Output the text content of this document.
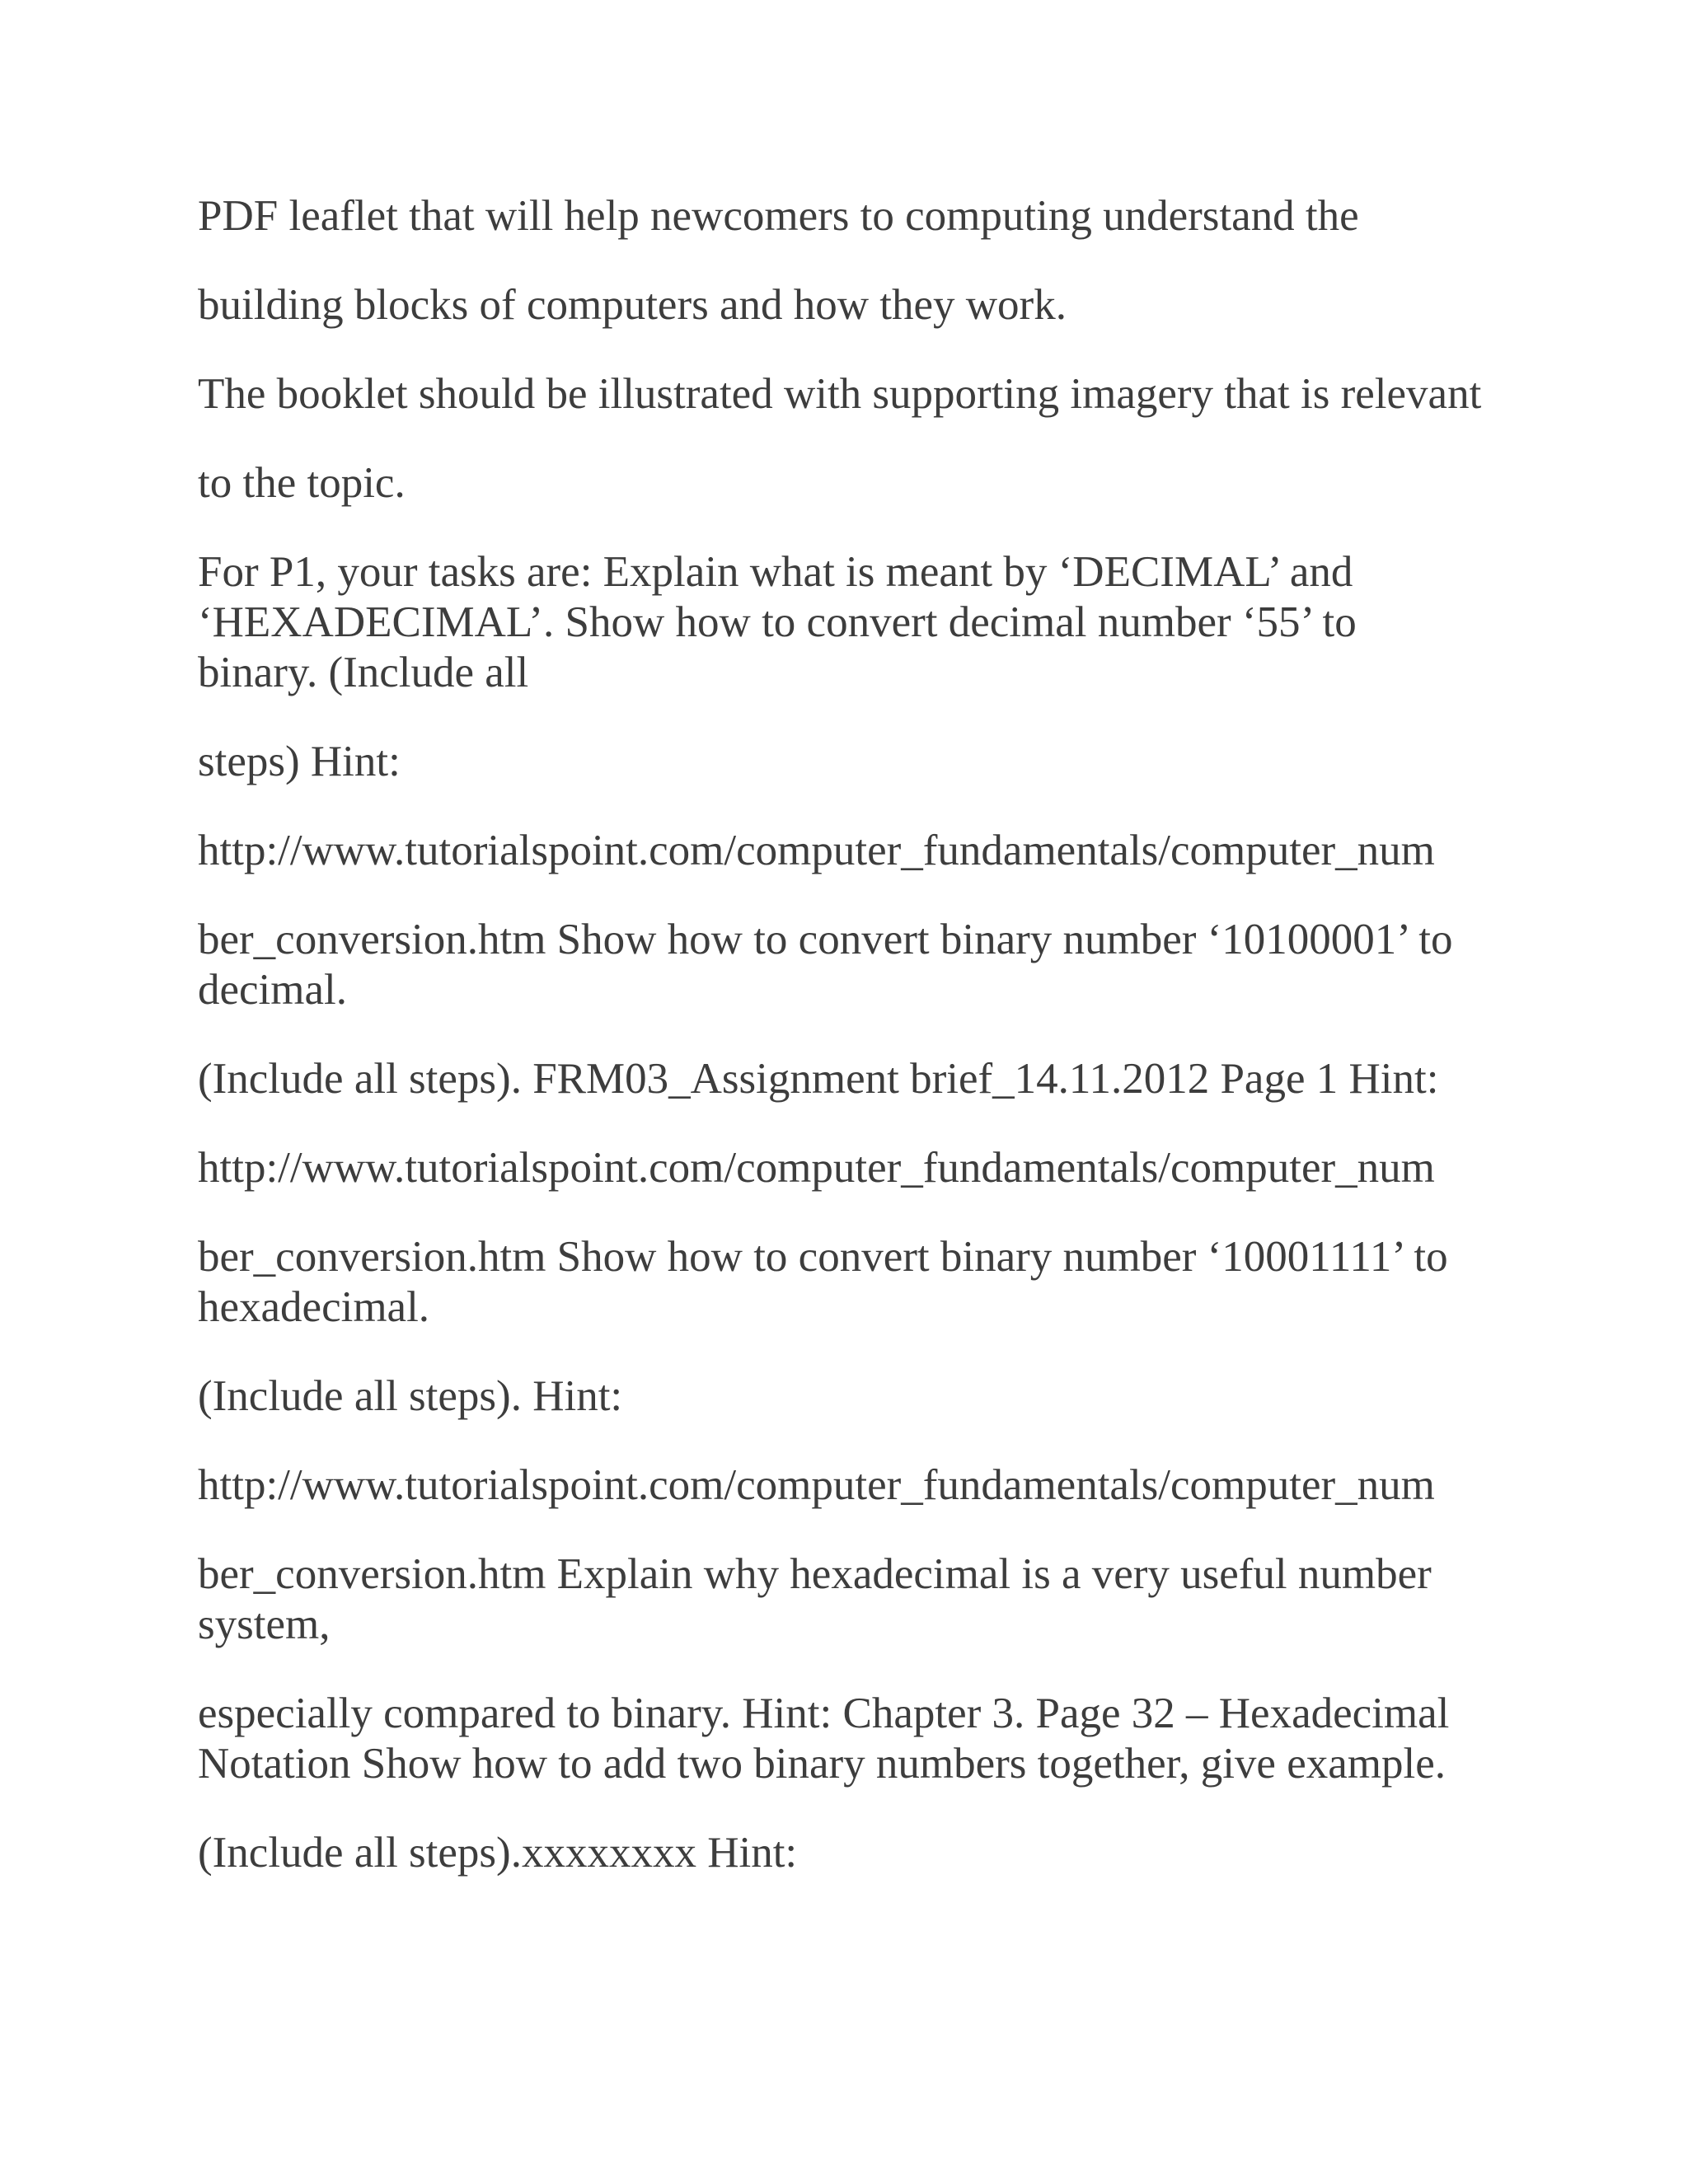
PDF leaflet that will help newcomers to computing understand the

building blocks of computers and how they work.

The booklet should be illustrated with supporting imagery that is relevant

to the topic.

For P1, your tasks are: Explain what is meant by ‘DECIMAL’ and ‘HEXADECIMAL’. Show how to convert decimal number ‘55’ to binary. (Include all

steps) Hint:

http://www.tutorialspoint.com/computer_fundamentals/computer_num

ber_conversion.htm Show how to convert binary number ‘10100001’ to decimal.

(Include all steps). FRM03_Assignment brief_14.11.2012 Page 1 Hint:

http://www.tutorialspoint.com/computer_fundamentals/computer_num

ber_conversion.htm Show how to convert binary number ‘10001111’ to hexadecimal.

(Include all steps). Hint:

http://www.tutorialspoint.com/computer_fundamentals/computer_num

ber_conversion.htm Explain why hexadecimal is a very useful number system,

especially compared to binary. Hint: Chapter 3. Page 32 – Hexadecimal Notation Show how to add two binary numbers together, give example.

(Include all steps).xxxxxxxx Hint:
